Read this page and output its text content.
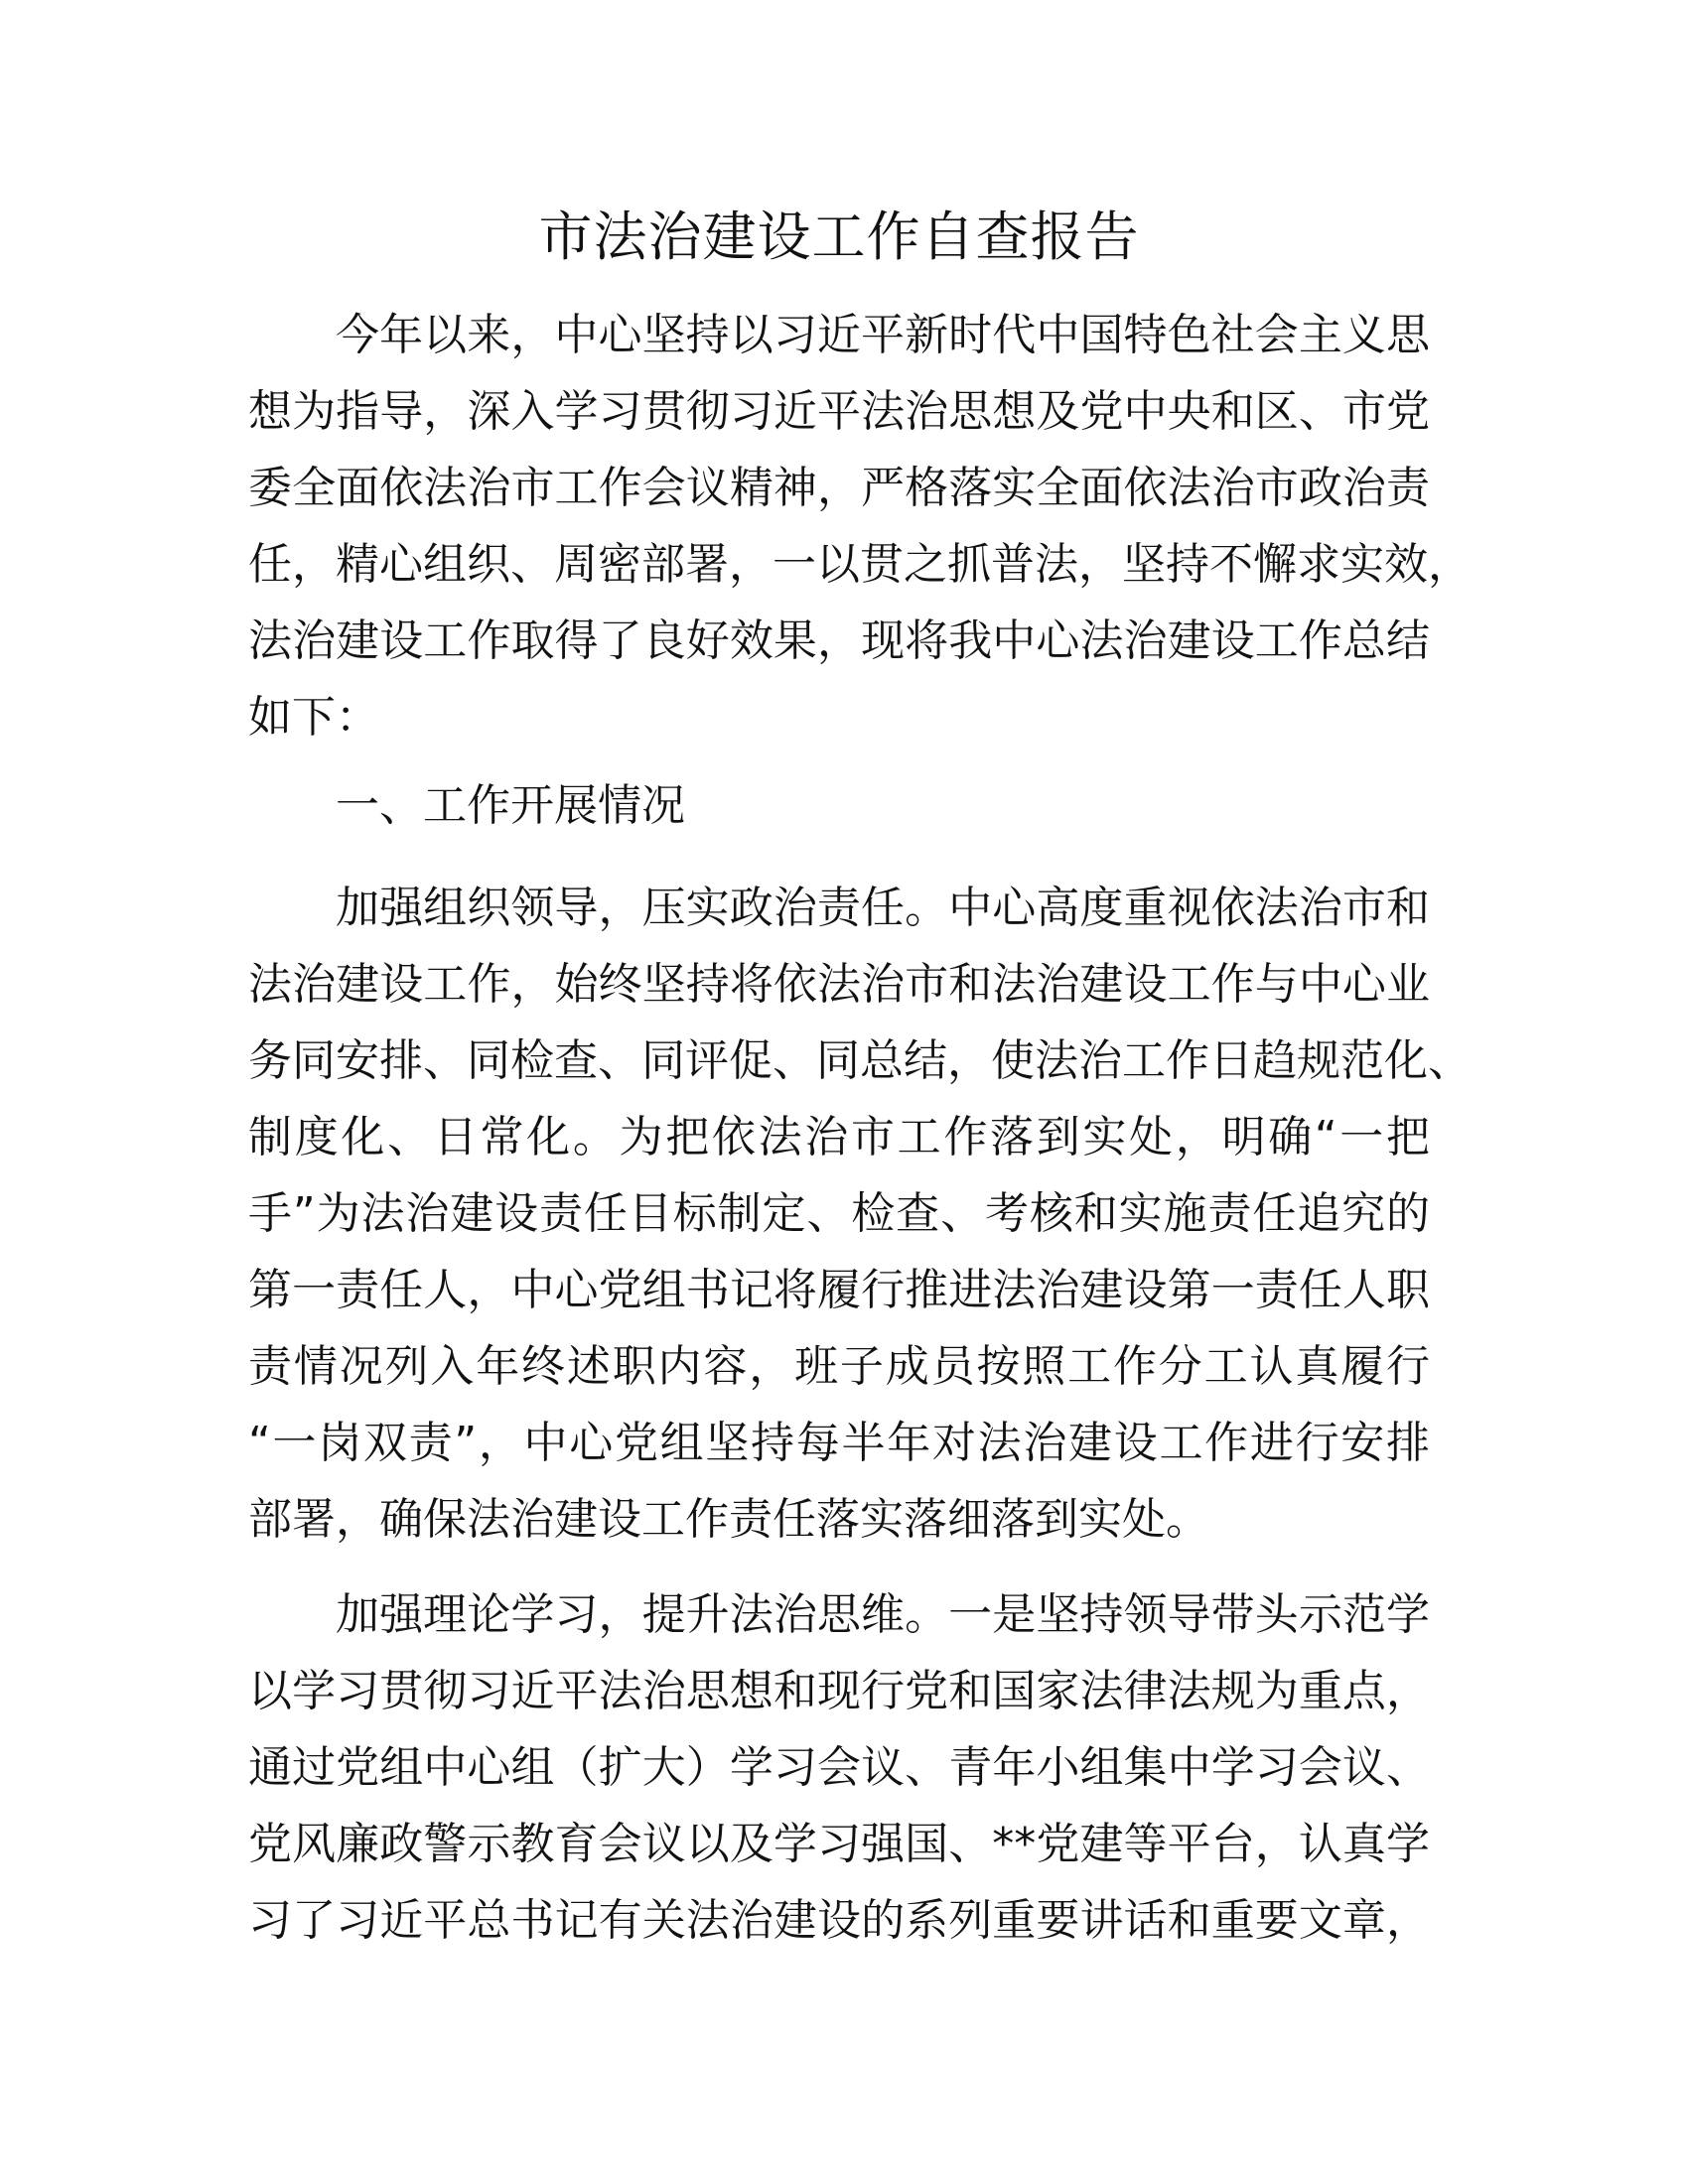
市法治建设工作自查报告
今年以来，中心坚持以习近平新时代中国特色社会主义思
想为指导，深入学习贯彻习近平法治思想及党中央和区、市党
委全面依法治市工作会议精神，严格落实全面依法治市政治责
任，精心组织、周密部署，一以贯之抓普法，坚持不懈求实效，
法治建设工作取得了良好效果，现将我中心法治建设工作总结
如下：
一、工作开展情况
加强组织领导，压实政治责任。中心高度重视依法治市和
法治建设工作，始终坚持将依法治市和法治建设工作与中心业
务同安排、同检查、同评促、同总结，使法治工作日趋规范化、
制度化、日常化。为把依法治市工作落到实处，明确“一把
手”为法治建设责任目标制定、检查、考核和实施责任追究的
第一责任人，中心党组书记将履行推进法治建设第一责任人职
责情况列入年终述职内容，班子成员按照工作分工认真履行
“一岗双责”，中心党组坚持每半年对法治建设工作进行安排
部署，确保法治建设工作责任落实落细落到实处。
加强理论学习，提升法治思维。一是坚持领导带头示范学
以学习贯彻习近平法治思想和现行党和国家法律法规为重点，
通过党组中心组（扩大）学习会议、青年小组集中学习会议、
党风廉政警示教育会议以及学习强国、**党建等平台，认真学
习了习近平总书记有关法治建设的系列重要讲话和重要文章，
